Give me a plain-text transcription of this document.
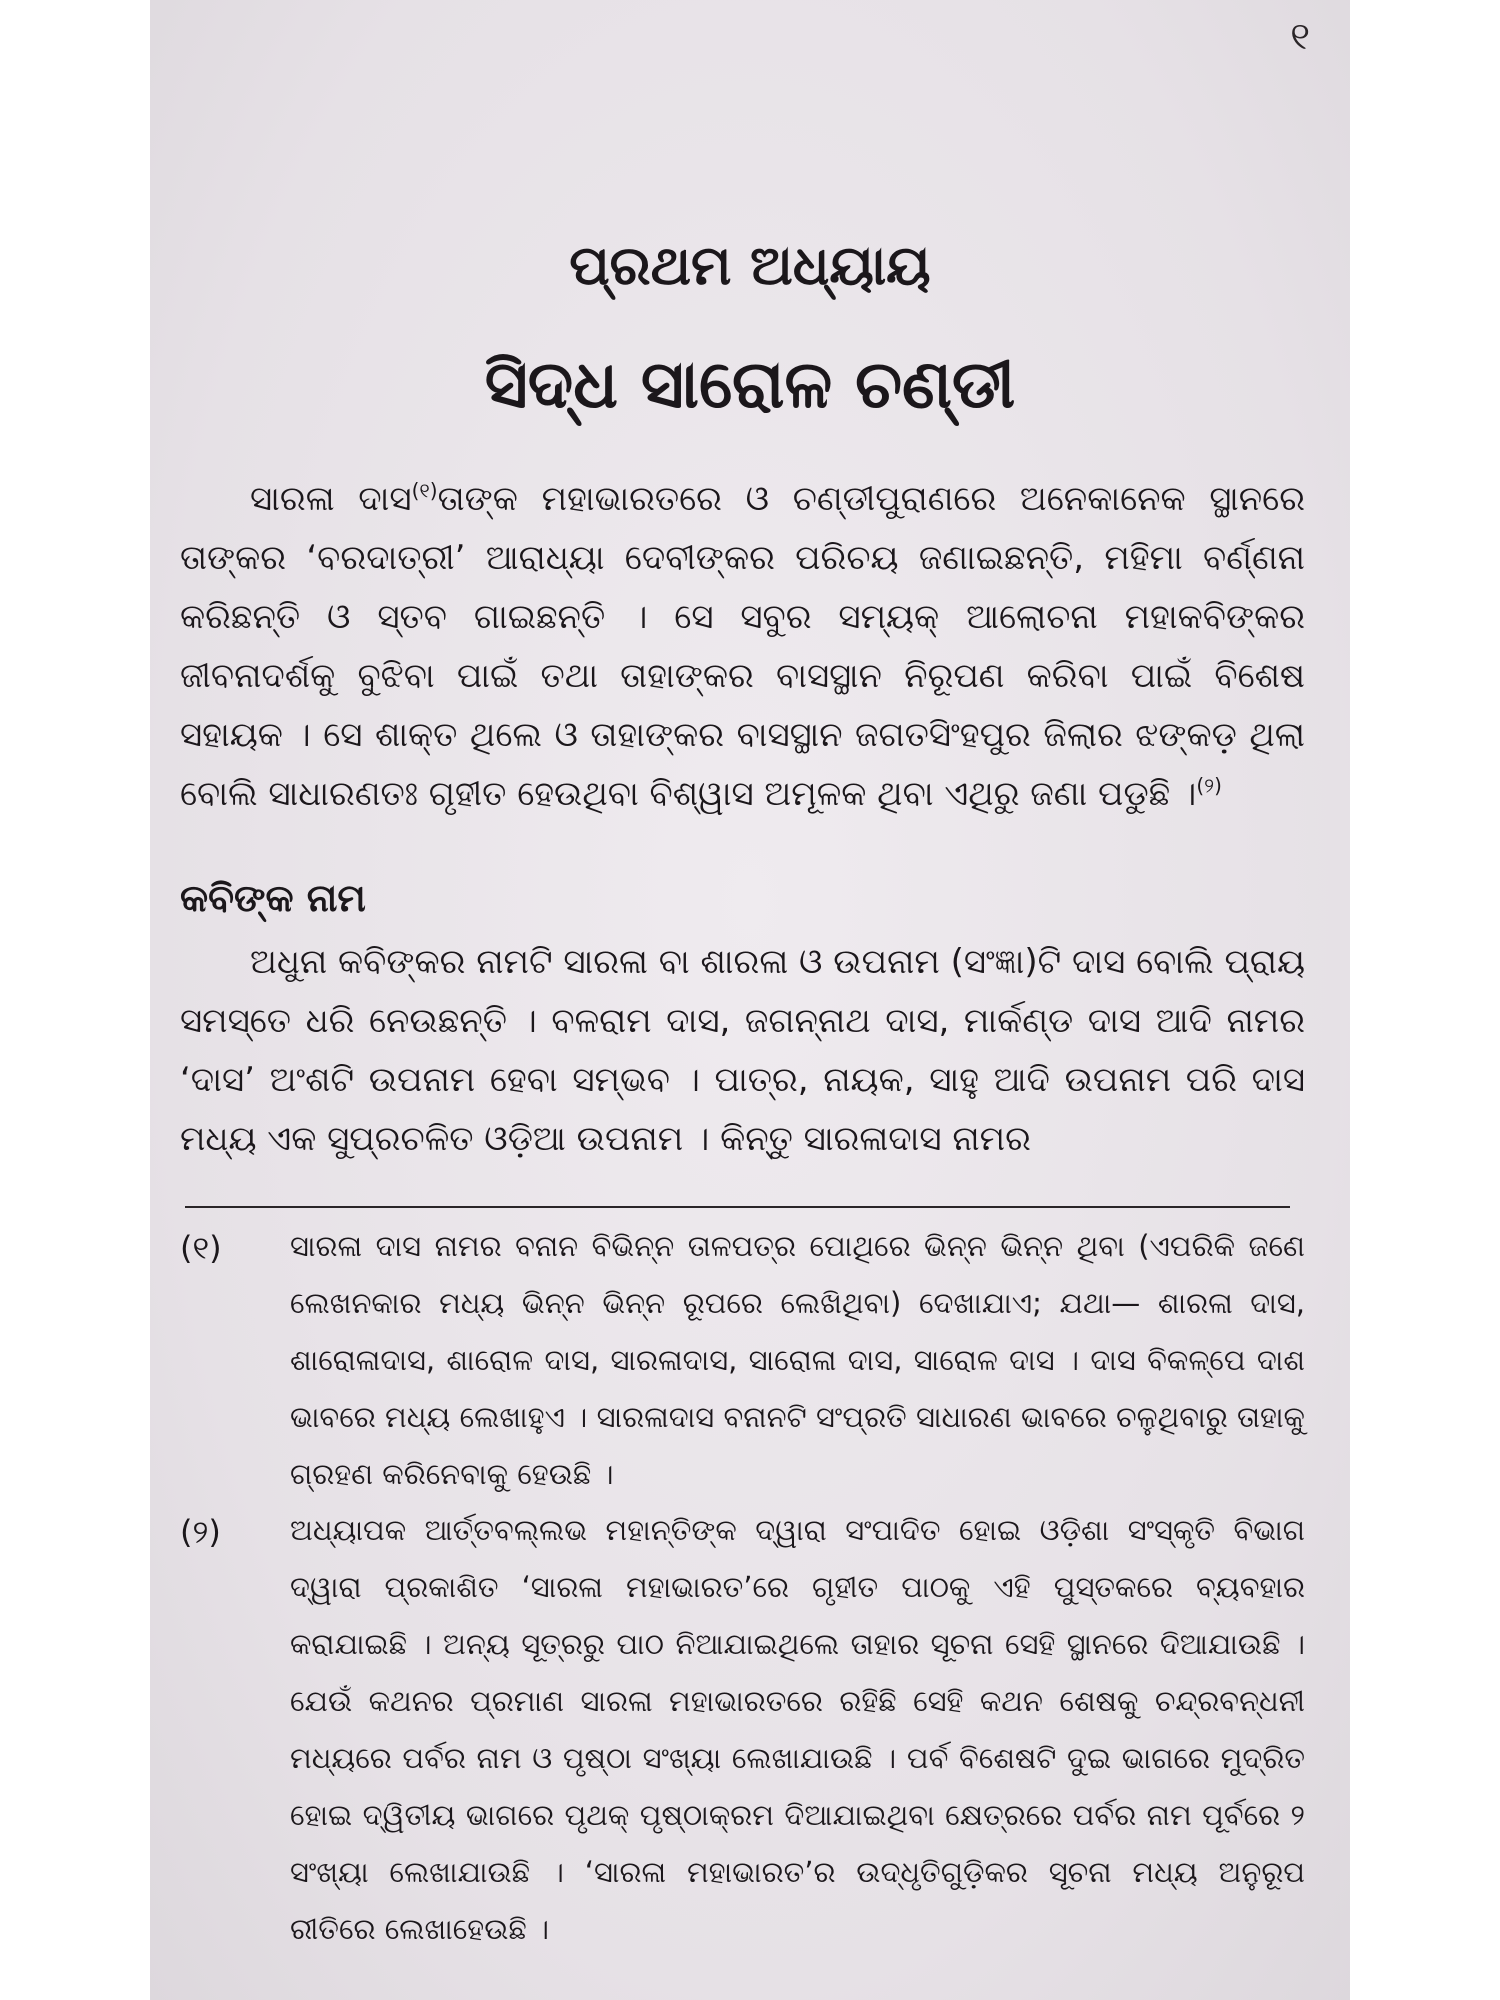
୧
ପ୍ରଥମ ଅଧ୍ୟାୟ
ସିଦ୍ଧ ସାରୋଳ ଚଣ୍ଡୀ

ସାରଳା ଦାସ$^{(୧)}$ତାଙ୍କ ମହାଭାରତରେ ଓ ଚଣ୍ଡୀପୁରାଣରେ ଅନେକାନେକ ସ୍ଥାନରେ ତାଙ୍କର ‘ବରଦାତ୍ରୀ’ ଆରାଧ୍ୟା ଦେବୀଙ୍କର ପରିଚୟ ଜଣାଇଛନ୍ତି, ମହିମା ବର୍ଣ୍ଣନା କରିଛନ୍ତି ଓ ସ୍ତବ ଗାଇଛନ୍ତି । ସେ ସବୁର ସମ୍ୟକ୍ ଆଲୋଚନା ମହାକବିଙ୍କର ଜୀବନାଦର୍ଶକୁ ବୁଝିବା ପାଇଁ ତଥା ତାହାଙ୍କର ବାସସ୍ଥାନ ନିରୂପଣ କରିବା ପାଇଁ ବିଶେଷ ସହାୟକ । ସେ ଶାକ୍ତ ଥିଲେ ଓ ତାହାଙ୍କର ବାସସ୍ଥାନ ଜଗତସିଂହପୁର ଜିଲାର ଝଙ୍କଡ଼ ଥିଲା ବୋଲି ସାଧାରଣତଃ ଗୃହୀତ ହେଉଥିବା ବିଶ୍ୱାସ ଅମୂଳକ ଥିବା ଏଥିରୁ ଜଣା ପଡୁଛି ।$^{(୨)}$

କବିଙ୍କ ନାମ

ଅଧୁନା କବିଙ୍କର ନାମଟି ସାରଳା ବା ଶାରଳା ଓ ଉପନାମ (ସଂଜ୍ଞା)ଟି ଦାସ ବୋଲି ପ୍ରାୟ ସମସ୍ତେ ଧରି ନେଉଛନ୍ତି । ବଳରାମ ଦାସ, ଜଗନ୍ନାଥ ଦାସ, ମାର୍କଣ୍ଡ ଦାସ ଆଦି ନାମର ‘ଦାସ’ ଅଂଶଟି ଉପନାମ ହେବା ସମ୍ଭବ । ପାତ୍ର, ନାୟକ, ସାହୁ ଆଦି ଉପନାମ ପରି ଦାସ ମଧ୍ୟ ଏକ ସୁପ୍ରଚଳିତ ଓଡ଼ିଆ ଉପନାମ । କିନ୍ତୁ ସାରଳାଦାସ ନାମର

(୧)	ସାରଳା ଦାସ ନାମର ବନାନ ବିଭିନ୍ନ ତାଳପତ୍ର ପୋଥିରେ ଭିନ୍ନ ଭିନ୍ନ ଥିବା (ଏପରିକି ଜଣେ ଲେଖନକାର ମଧ୍ୟ ଭିନ୍ନ ଭିନ୍ନ ରୂପରେ ଲେଖିଥିବା) ଦେଖାଯାଏ; ଯଥା— ଶାରଳା ଦାସ, ଶାରୋଳାଦାସ, ଶାରୋଳ ଦାସ, ସାରଳାଦାସ, ସାରୋଳା ଦାସ, ସାରୋଳ ଦାସ । ଦାସ ବିକଳ୍ପେ ଦାଶ ଭାବରେ ମଧ୍ୟ ଲେଖାହୁଏ । ସାରଳାଦାସ ବନାନଟି ସଂପ୍ରତି ସାଧାରଣ ଭାବରେ ଚଳୁଥିବାରୁ ତାହାକୁ ଗ୍ରହଣ କରିନେବାକୁ ହେଉଛି ।

(୨)	ଅଧ୍ୟାପକ ଆର୍ତ୍ତବଲ୍ଲଭ ମହାନ୍ତିଙ୍କ ଦ୍ୱାରା ସଂପାଦିତ ହୋଇ ଓଡ଼ିଶା ସଂସ୍କୃତି ବିଭାଗ ଦ୍ୱାରା ପ୍ରକାଶିତ ‘ସାରଳା ମହାଭାରତ’ରେ ଗୃହୀତ ପାଠକୁ ଏହି ପୁସ୍ତକରେ ବ୍ୟବହାର କରାଯାଇଛି । ଅନ୍ୟ ସୂତ୍ରରୁ ପାଠ ନିଆଯାଇଥିଲେ ତାହାର ସୂଚନା ସେହି ସ୍ଥାନରେ ଦିଆଯାଉଛି । ଯେଉଁ କଥନର ପ୍ରମାଣ ସାରଳା ମହାଭାରତରେ ରହିଛି ସେହି କଥନ ଶେଷକୁ ଚନ୍ଦ୍ରବନ୍ଧନୀ ମଧ୍ୟରେ ପର୍ବର ନାମ ଓ ପୃଷ୍ଠା ସଂଖ୍ୟା ଲେଖାଯାଉଛି । ପର୍ବ ବିଶେଷଟି ଦୁଇ ଭାଗରେ ମୁଦ୍ରିତ ହୋଇ ଦ୍ୱିତୀୟ ଭାଗରେ ପୃଥକ୍ ପୃଷ୍ଠାକ୍ରମ ଦିଆଯାଇଥିବା କ୍ଷେତ୍ରରେ ପର୍ବର ନାମ ପୂର୍ବରେ ୨ ସଂଖ୍ୟା ଲେଖାଯାଉଛି । ‘ସାରଳା ମହାଭାରତ’ର ଉଦ୍ଧୃତିଗୁଡ଼ିକର ସୂଚନା ମଧ୍ୟ ଅନୁରୂପ ରୀତିରେ ଲେଖାହେଉଛି ।
